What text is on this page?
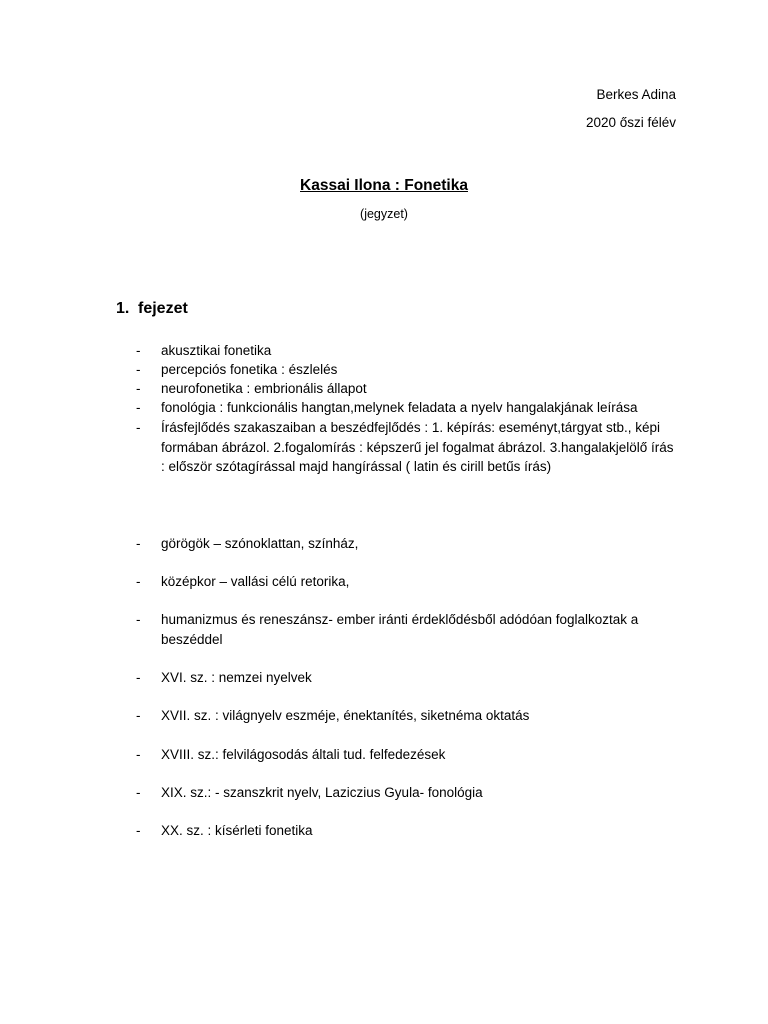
Berkes Adina
2020 őszi félév
Kassai Ilona : Fonetika
(jegyzet)
1. fejezet
- akusztikai fonetika
- percepciós fonetika : észlelés
- neurofonetika : embrionális állapot
- fonológia : funkcionális hangtan,melynek feladata a nyelv hangalakjának leírása
- Írásfejlődés szakaszaiban a beszédfejlődés : 1. képírás: eseményt,tárgyat stb., képi formában ábrázol. 2.fogalomírás : képszerű jel fogalmat ábrázol. 3.hangalakjelölő írás : először szótagírással majd hangírással ( latin és cirill betűs írás)
- görögök – szónoklattan, színház,
- középkor – vallási célú retorika,
- humanizmus és reneszánsz- ember iránti érdeklődésből adódóan foglalkoztak a beszéddel
- XVI. sz. : nemzei nyelvek
- XVII. sz. : világnyelv eszméje, énektanítés, siketnéma oktatás
- XVIII. sz.: felvilágosodás általi tud. felfedezések
- XIX. sz.: - szanszkrit nyelv, Laziczius Gyula- fonológia
- XX. sz. : kísérleti fonetika
